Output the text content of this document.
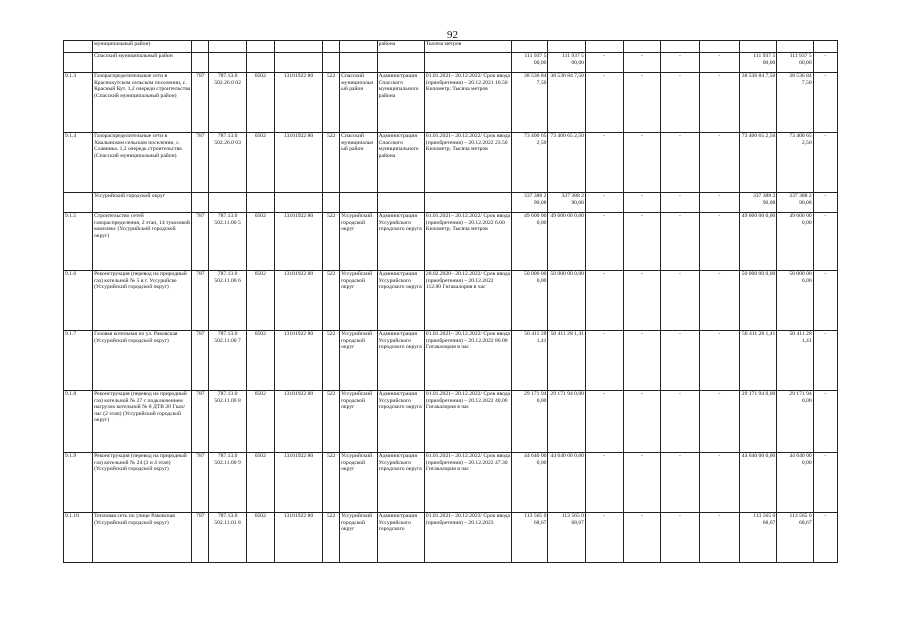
92
	муниципальный район)							района	Тысяча метров									
	Спасский муниципальный район									111 937 5 00,00	111 937 5 00,00	-	-	-	-	111 937 5 00,00	111 937 5 00,00	-
9.1.3	Газораспределительные сети в Краснокутском сельском поселении, с. Красный Кут. 1,2 очереди строительства (Спасский муниципальный район)	787	787.13.0 502.26.0 02	0502	13101922 80	522	Спасский муниципальный район	Администрация Спасского муниципального района	01.01.2021– 20.12.2022/ Срок ввода (приобретения) – 20.12.2021 10.50 Километр; Тысяча метров	38 536 84 7,50	38 536 84 7,50	-	-	-	-	38 536 84 7,50	38 536 84 7,50	-
9.1.4	Газораспределительные сети в Хвалынском сельском поселении, с. Славинка. 1,2 очередь строительства (Спасский муниципальный район)	787	787.13.0 502.26.0 03	0502	13101922 80	522	Спасский муниципальный район	Администрация Спасского муниципального района	01.01.2021– 20.12.2022/ Срок ввода (приобретения) – 20.12.2022 23.50 Километр; Тысяча метров	73 400 65 2,50	73 400 65 2,50	-	-	-	-	73 400 65 2,50	73 400 65 2,50	-
	Уссурийский городской округ									337 388 2 90,08	337 388 2 90,08	-	-	-	-	337 388 2 90,08	337 388 2 90,08	-
9.1.5	Строительство сетей газораспределения, 2 этап, 14 тукозовой комплекс (Уссурийский городской округ)	787	787.13.0 502.11.00 5	0502	13101922 80	522	Уссурийский городской округ	Администрация Уссурийского городского округа	01.01.2021– 20.12.2022/ Срок ввода (приобретения) – 20.12.2022 6.00 Километр; Тысяча метров	49 600 00 0,00	49 600 00 0,00	-	-	-	-	49 600 00 0,00	49 600 00 0,00	-
9.1.6	Реконструкция (перевод на природный газ) котельной № 5 в г. Уссурийске (Уссурийский городской округ)	787	787.13.0 502.11.00 6	0502	13101922 80	522	Уссурийский городской округ	Администрация Уссурийского городского округа	28.02.2020– 20.12.2022/ Срок ввода (приобретения) – 20.12.2022 112.00 Гигакалория в час	50 000 00 0,00	50 000 00 0,00	-	-	-	-	50 000 00 0,00	50 000 00 0,00	-
9.1.7	Газовая котельная по ул. Раковская (Уссурийский городской округ)	787	787.13.0 502.11.00 7	0502	13101922 80	522	Уссурийский городской округ	Администрация Уссурийского городского округа	01.01.2021– 20.12.2022/ Срок ввода (приобретения) – 20.12.2022 86.00 Гигакалория в час	50 411 28 1,41	50 411 28 1,41	-	-	-	-	50 411 28 1,41	50 411 28 1,41	-
9.1.8	Реконструкция (перевод на природный газ) котельной № 27 с подключением нагрузок котельной № 8 ДТВ 20 Гкал/час (2 этап) (Уссурийский городской округ)	787	787.13.0 502.11.00 8	0502	13101922 80	522	Уссурийский городской округ	Администрация Уссурийского городского округа	01.01.2021– 20.12.2022/ Срок ввода (приобретения) – 20.12.2022 40.00 Гигакалория в час	29 171 94 0,00	29 171 94 0,00	-	-	-	-	29 171 94 0,00	29 171 94 0,00	-
9.1.9	Реконструкция (перевод на природный газ) котельной № 24 (3 и 4 этап) (Уссурийский городской округ)	787	787.13.0 502.11.00 9	0502	13101922 80	522	Уссурийский городской округ	Администрация Уссурийского городского округа	01.01.2021– 20.12.2022/ Срок ввода (приобретения) – 20.12.2022 47.30 Гигакалория в час	44 640 00 0,00	44 640 00 0,00	-	-	-	-	44 640 00 0,00	44 640 00 0,00	-
9.1.10	Тепловая сеть по улице Раковская (Уссурийский городской округ)	787	787.13.0 502.11.01 8	0502	13101922 80	522	Уссурийский городской округ	Администрация Уссурийского городского	01.01.2021– 20.12.2023/ Срок ввода (приобретения) – 20.12.2023	113 565 0 68,67	113 565 0 68,67	-	-	-	-	113 565 0 68,67	113 565 0 68,67	-
